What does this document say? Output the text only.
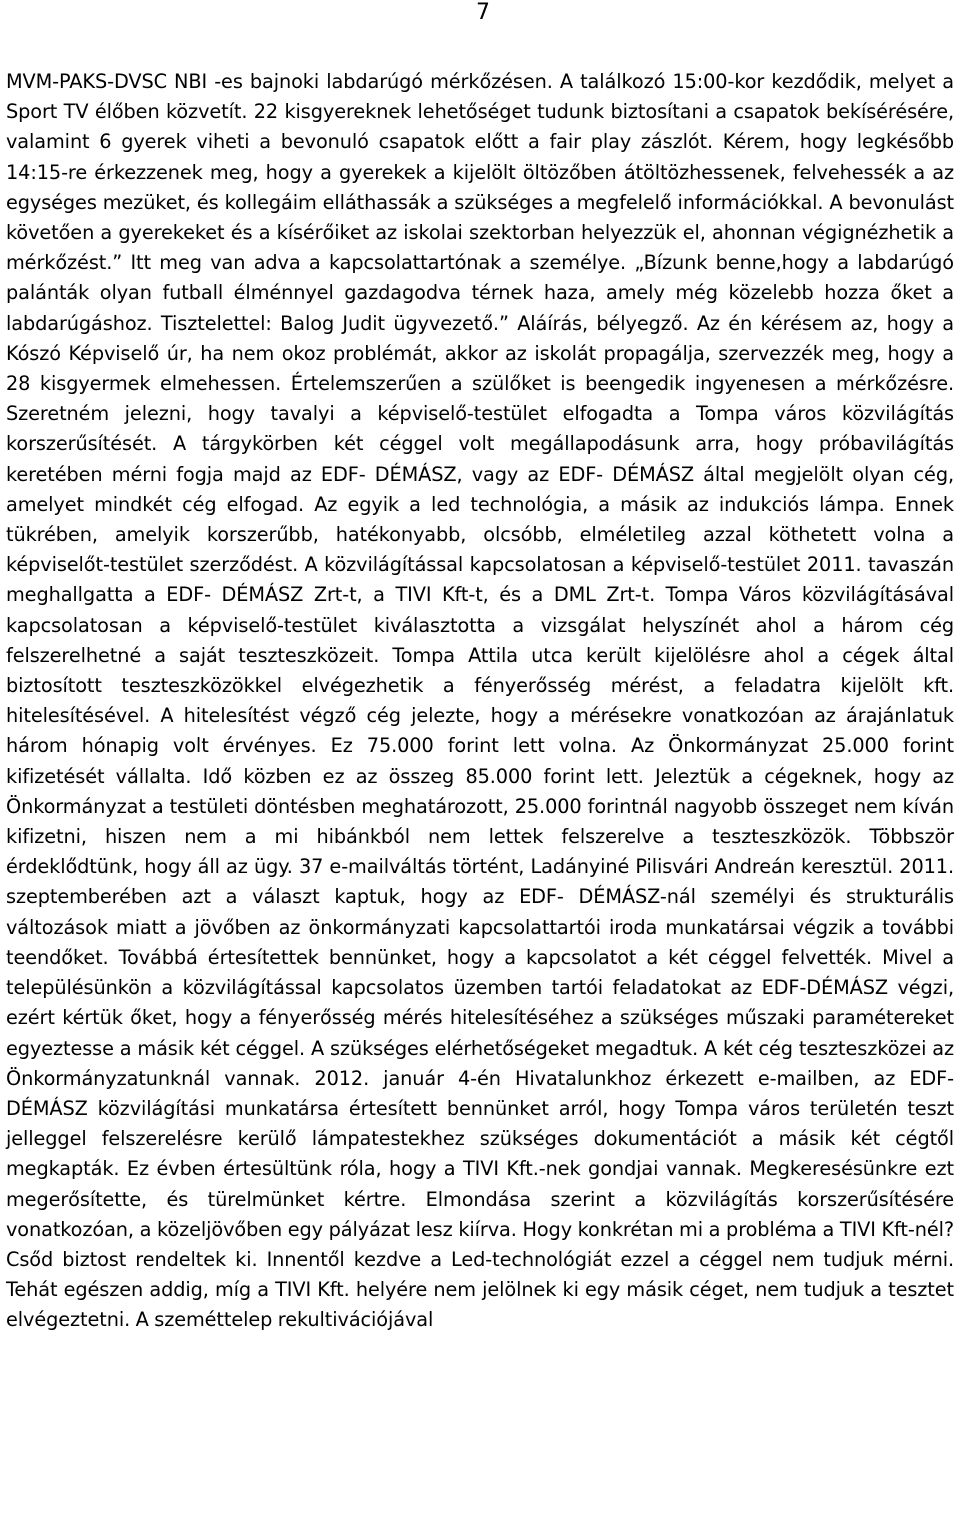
7

MVM-PAKS-DVSC NBI -es bajnoki labdarúgó mérkőzésen. A találkozó 15:00-kor kezdődik, melyet a Sport TV élőben közvetít. 22 kisgyereknek lehetőséget tudunk biztosítani a csapatok bekísérésére, valamint 6 gyerek viheti a bevonuló csapatok előtt a fair play zászlót. Kérem, hogy legkésőbb 14:15-re érkezzenek meg, hogy a gyerekek a kijelölt öltözőben átöltözhessenek, felvehessék a az egységes mezüket, és kollegáim elláthassák a szükséges a megfelelő információkkal. A bevonulást követően a gyerekeket és a kísérőiket az iskolai szektorban helyezzük el, ahonnan végignézhetik a mérkőzést.” Itt meg van adva a kapcsolattartónak a személye. „Bízunk benne,hogy a labdarúgó palánták olyan futball élménnyel gazdagodva térnek haza, amely még közelebb hozza őket a labdarúgáshoz. Tisztelettel: Balog Judit ügyvezető.” Aláírás, bélyegző. Az én kérésem az, hogy a Kószó Képviselő úr, ha nem okoz problémát, akkor az iskolát propagálja, szervezzék meg, hogy a 28 kisgyermek elmehessen. Értelemszerűen a szülőket is beengedik ingyenesen a mérkőzésre. Szeretném jelezni, hogy tavalyi a képviselő-testület elfogadta a Tompa város közvilágítás korszerűsítését. A tárgykörben két céggel volt megállapodásunk arra, hogy próbavilágítás keretében mérni fogja majd az EDF- DÉMÁSZ, vagy az EDF- DÉMÁSZ által megjelölt olyan cég, amelyet mindkét cég elfogad. Az egyik a led technológia, a másik az indukciós lámpa. Ennek tükrében, amelyik korszerűbb, hatékonyabb, olcsóbb, elméletileg azzal köthetett volna a képviselőt-testület szerződést. A közvilágítással kapcsolatosan a képviselő-testület 2011. tavaszán meghallgatta a EDF- DÉMÁSZ Zrt-t, a TIVI Kft-t, és a DML Zrt-t. Tompa Város közvilágításával kapcsolatosan a képviselő-testület kiválasztotta a vizsgálat helyszínét ahol a három cég felszerelhetné a saját teszteszközeit. Tompa Attila utca került kijelölésre ahol a cégek által biztosított teszteszközökkel elvégezhetik a fényerősség mérést, a feladatra kijelölt kft. hitelesítésével. A hitelesítést végző cég jelezte, hogy a mérésekre vonatkozóan az árajánlatuk három hónapig volt érvényes. Ez 75.000 forint lett volna. Az Önkormányzat 25.000 forint kifizetését vállalta. Idő közben ez az összeg 85.000 forint lett. Jeleztük a cégeknek, hogy az Önkormányzat a testületi döntésben meghatározott, 25.000 forintnál nagyobb összeget nem kíván kifizetni, hiszen nem a mi hibánkból nem lettek felszerelve a teszteszközök. Többször érdeklődtünk, hogy áll az ügy. 37 e-mailváltás történt, Ladányiné Pilisvári Andreán keresztül. 2011. szeptemberében azt a választ kaptuk, hogy az EDF- DÉMÁSZ-nál személyi és strukturális változások miatt a jövőben az önkormányzati kapcsolattartói iroda munkatársai végzik a további teendőket. Továbbá értesítettek bennünket, hogy a kapcsolatot a két céggel felvették. Mivel a településünkön a közvilágítással kapcsolatos üzemben tartói feladatokat az EDF-DÉMÁSZ végzi, ezért kértük őket, hogy a fényerősség mérés hitelesítéséhez a szükséges műszaki paramétereket egyeztesse a másik két céggel. A szükséges elérhetőségeket megadtuk. A két cég teszteszközei az Önkormányzatunknál vannak. 2012. január 4-én Hivatalunkhoz érkezett e-mailben, az EDF-DÉMÁSZ közvilágítási munkatársa értesített bennünket arról, hogy Tompa város területén teszt jelleggel felszerelésre kerülő lámpatestekhez szükséges dokumentációt a másik két cégtől megkapták. Ez évben értesültünk róla, hogy a TIVI Kft.-nek gondjai vannak. Megkeresésünkre ezt megerősítette, és türelmünket kértre. Elmondása szerint a közvilágítás korszerűsítésére vonatkozóan, a közeljövőben egy pályázat lesz kiírva. Hogy konkrétan mi a probléma a TIVI Kft-nél? Csőd biztost rendeltek ki. Innentől kezdve a Led-technológiát ezzel a céggel nem tudjuk mérni. Tehát egészen addig, míg a TIVI Kft. helyére nem jelölnek ki egy másik céget, nem tudjuk a tesztet elvégeztetni. A szeméttelep rekultivációjával
